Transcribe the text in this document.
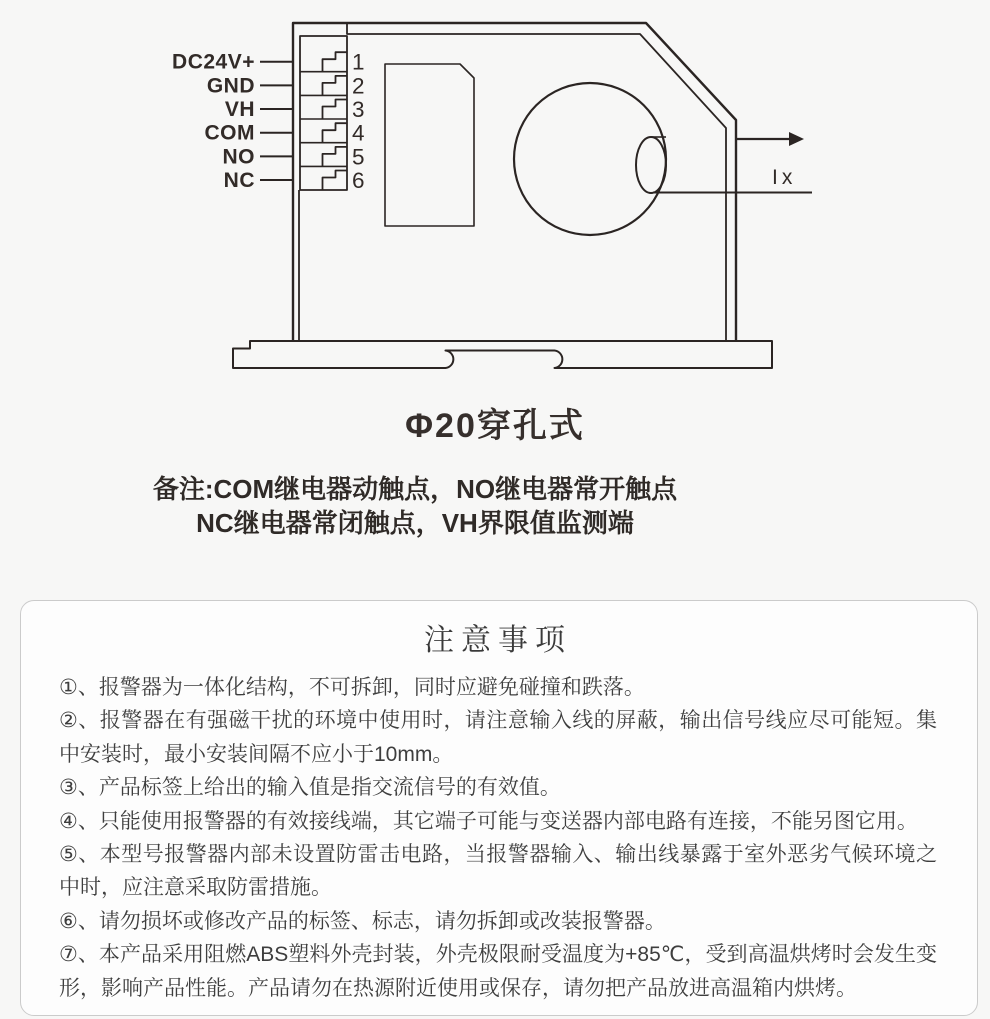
DC24V+
GND
VH
COM
NO
NC
1
2
3
4
5
6	Ix
Φ20穿孔式
备注:COM继电器动触点，NO继电器常开触点
NC继电器常闭触点，VH界限值监测端
注意事项

①、报警器为一体化结构，不可拆卸，同时应避免碰撞和跌落。

②、报警器在有强磁干扰的环境中使用时，请注意输入线的屏蔽，输出信号线应尽可能短。集中安装时，最小安装间隔不应小于10mm。

③、产品标签上给出的输入值是指交流信号的有效值。

④、只能使用报警器的有效接线端，其它端子可能与变送器内部电路有连接，不能另图它用。

⑤、本型号报警器内部未设置防雷击电路，当报警器输入、输出线暴露于室外恶劣气候环境之中时，应注意采取防雷措施。

⑥、请勿损坏或修改产品的标签、标志，请勿拆卸或改装报警器。

⑦、本产品采用阻燃ABS塑料外壳封装，外壳极限耐受温度为+85℃，受到高温烘烤时会发生变形，影响产品性能。产品请勿在热源附近使用或保存，请勿把产品放进高温箱内烘烤。
